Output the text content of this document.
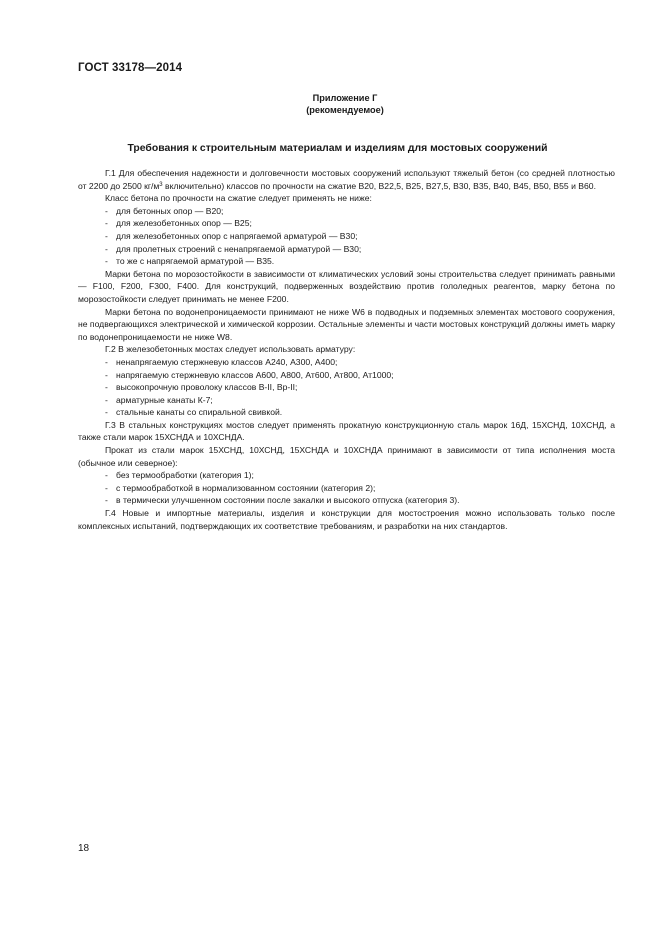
ГОСТ 33178—2014
Приложение Г
(рекомендуемое)
Требования к строительным материалам и изделиям для мостовых сооружений

Г.1 Для обеспечения надежности и долговечности мостовых сооружений используют тяжелый бетон (со средней плотностью от 2200 до 2500 $кг/м^3$ включительно) классов по прочности на сжатие В20, В22,5, В25, В27,5, В30, В35, В40, В45, В50, В55 и В60.

Класс бетона по прочности на сжатие следует применять не ниже:

- для бетонных опор — В20;
- для железобетонных опор — В25;
- для железобетонных опор с напрягаемой арматурой — В30;
- для пролетных строений с ненапрягаемой арматурой — В30;
- то же с напрягаемой арматурой — В35.

Марки бетона по морозостойкости в зависимости от климатических условий зоны строительства следует принимать равными — F100, F200, F300, F400. Для конструкций, подверженных воздействию против гололедных реагентов, марку бетона по морозостойкости следует принимать не менее F200.

Марки бетона по водонепроницаемости принимают не ниже W6 в подводных и подземных элементах мостового сооружения, не подвергающихся электрической и химической коррозии. Остальные элементы и части мостовых конструкций должны иметь марку по водонепроницаемости не ниже W8.

Г.2 В железобетонных мостах следует использовать арматуру:

- ненапрягаемую стержневую классов А240, А300, А400;
- напрягаемую стержневую классов А600, А800, Ат600, Ат800, Ат1000;
- высокопрочную проволоку классов В-II, Вр-II;
- арматурные канаты К-7;
- стальные канаты со спиральной свивкой.

Г.3 В стальных конструкциях мостов следует применять прокатную конструкционную сталь марок 16Д, 15ХСНД, 10ХСНД, а также стали марок 15ХСНДА и 10ХСНДА.

Прокат из стали марок 15ХСНД, 10ХСНД, 15ХСНДА и 10ХСНДА принимают в зависимости от типа исполнения моста (обычное или северное):

- без термообработки (категория 1);
- с термообработкой в нормализованном состоянии (категория 2);
- в термически улучшенном состоянии после закалки и высокого отпуска (категория 3).

Г.4 Новые и импортные материалы, изделия и конструкции для мостостроения можно использовать только после комплексных испытаний, подтверждающих их соответствие требованиям, и разработки на них стандартов.

18
